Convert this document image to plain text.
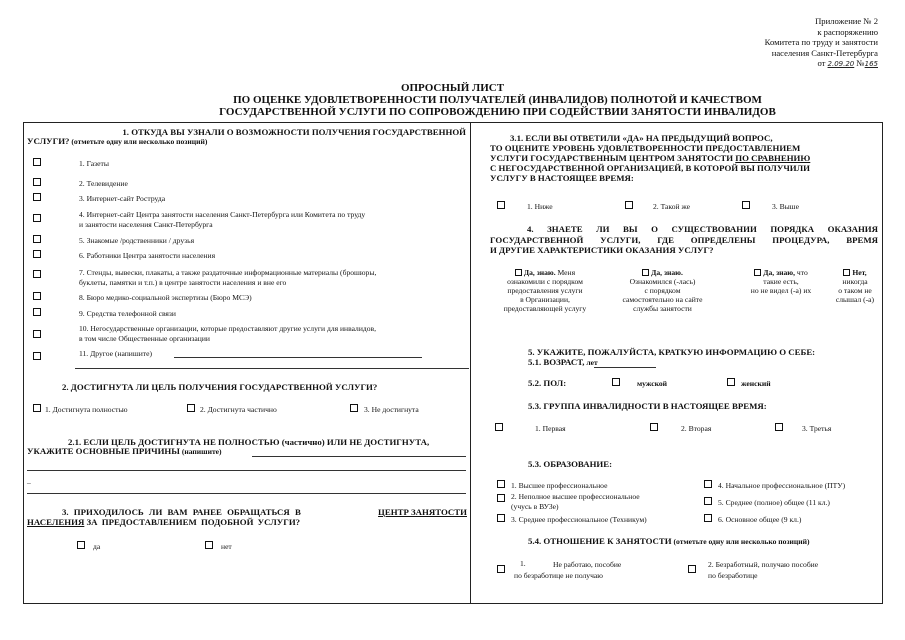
Приложение № 2
к распоряжению
Комитета по труду и занятости
населения Санкт-Петербурга
от 2.09.20 №165
ОПРОСНЫЙ ЛИСТ
ПО ОЦЕНКЕ УДОВЛЕТВОРЕННОСТИ ПОЛУЧАТЕЛЕЙ (ИНВАЛИДОВ) ПОЛНОТОЙ И КАЧЕСТВОМ
ГОСУДАРСТВЕННОЙ УСЛУГИ ПО СОПРОВОЖДЕНИЮ ПРИ СОДЕЙСТВИИ ЗАНЯТОСТИ ИНВАЛИДОВ
1. ОТКУДА ВЫ УЗНАЛИ О ВОЗМОЖНОСТИ ПОЛУЧЕНИЯ ГОСУДАРСТВЕННОЙ
УСЛУГИ? (отметьте одну или несколько позиций)
1. Газеты
2. Телевидение
3. Интернет-сайт Роструда
4. Интернет-сайт Центра занятости населения Санкт-Петербурга или Комитета по труду
и занятости населения Санкт-Петербурга
5. Знакомые /родственники / друзья
6. Работники Центра занятости населения
7. Стенды, вывески, плакаты, а также раздаточные информационные материалы (брошюры,
буклеты, памятки и т.п.) в центре занятости населения и вне его
8. Бюро медико-социальной экспертизы (Бюро МСЭ)
9. Средства телефонной связи
10. Негосударственные организации, которые предоставляют другие услуги для инвалидов,
в том числе Общественные организации
11. Другое (напишите)
2. ДОСТИГНУТА ЛИ ЦЕЛЬ ПОЛУЧЕНИЯ ГОСУДАРСТВЕННОЙ УСЛУГИ?
1. Достигнута полностью	2. Достигнута частично	3. Не достигнута
2.1. ЕСЛИ ЦЕЛЬ ДОСТИГНУТА НЕ ПОЛНОСТЬЮ (частично) ИЛИ НЕ ДОСТИГНУТА,
УКАЖИТЕ ОСНОВНЫЕ ПРИЧИНЫ (напишите)
–
3. ПРИХОДИЛОСЬ ЛИ ВАМ РАНЕЕ ОБРАЩАТЬСЯ В	ЦЕНТР ЗАНЯТОСТИ
НАСЕЛЕНИЯ ЗА ПРЕДОСТАВЛЕНИЕМ ПОДОБНОЙ УСЛУГИ?
да	нет
3.1. ЕСЛИ ВЫ ОТВЕТИЛИ «ДА» НА ПРЕДЫДУЩИЙ ВОПРОС,
ТО ОЦЕНИТЕ УРОВЕНЬ УДОВЛЕТВОРЕННОСТИ ПРЕДОСТАВЛЕНИЕМ
УСЛУГИ ГОСУДАРСТВЕННЫМ ЦЕНТРОМ ЗАНЯТОСТИ ПО СРАВНЕНИЮ
С НЕГОСУДАРСТВЕННОЙ ОРГАНИЗАЦИЕЙ, В КОТОРОЙ ВЫ ПОЛУЧИЛИ
УСЛУГУ В НАСТОЯЩЕЕ ВРЕМЯ:
1. Ниже	2. Такой же	3. Выше
4. ЗНАЕТЕ ЛИ ВЫ О СУЩЕСТВОВАНИИ ПОРЯДКА ОКАЗАНИЯ
ГОСУДАРСТВЕННОЙ УСЛУГИ, ГДЕ ОПРЕДЕЛЕНЫ ПРОЦЕДУРА, ВРЕМЯ
И ДРУГИЕ ХАРАКТЕРИСТИКИ ОКАЗАНИЯ УСЛУГ?
Да, знаю. Меня
ознакомили с порядком
предоставления услуги
в Организации,
предоставляющей услугу
Да, знаю.
Ознакомился (-лась)
с порядком
самостоятельно на сайте
службы занятости
Да, знаю, что
такие есть,
но не видел (-а) их
Нет,
никогда
о таком не
слышал (-а)
5. УКАЖИТЕ, ПОЖАЛУЙСТА, КРАТКУЮ ИНФОРМАЦИЮ О СЕБЕ:
5.1. ВОЗРАСТ, лет
5.2. ПОЛ:	мужской	женский
5.3. ГРУППА ИНВАЛИДНОСТИ В НАСТОЯЩЕЕ ВРЕМЯ:
1. Первая	2. Вторая	3. Третья
5.3. ОБРАЗОВАНИЕ:
1. Высшее профессиональное
2. Неполное высшее профессиональное
(учусь в ВУЗе)
3. Среднее профессиональное (Техникум)
4. Начальное профессиональное (ПТУ)
5. Среднее (полное) общее (11 кл.)
6. Основное общее (9 кл.)
5.4. ОТНОШЕНИЕ К ЗАНЯТОСТИ (отметьте одну или несколько позиций)
1.	Не работаю, пособие
по безработице не получаю
2. Безработный, получаю пособие
по безработице
